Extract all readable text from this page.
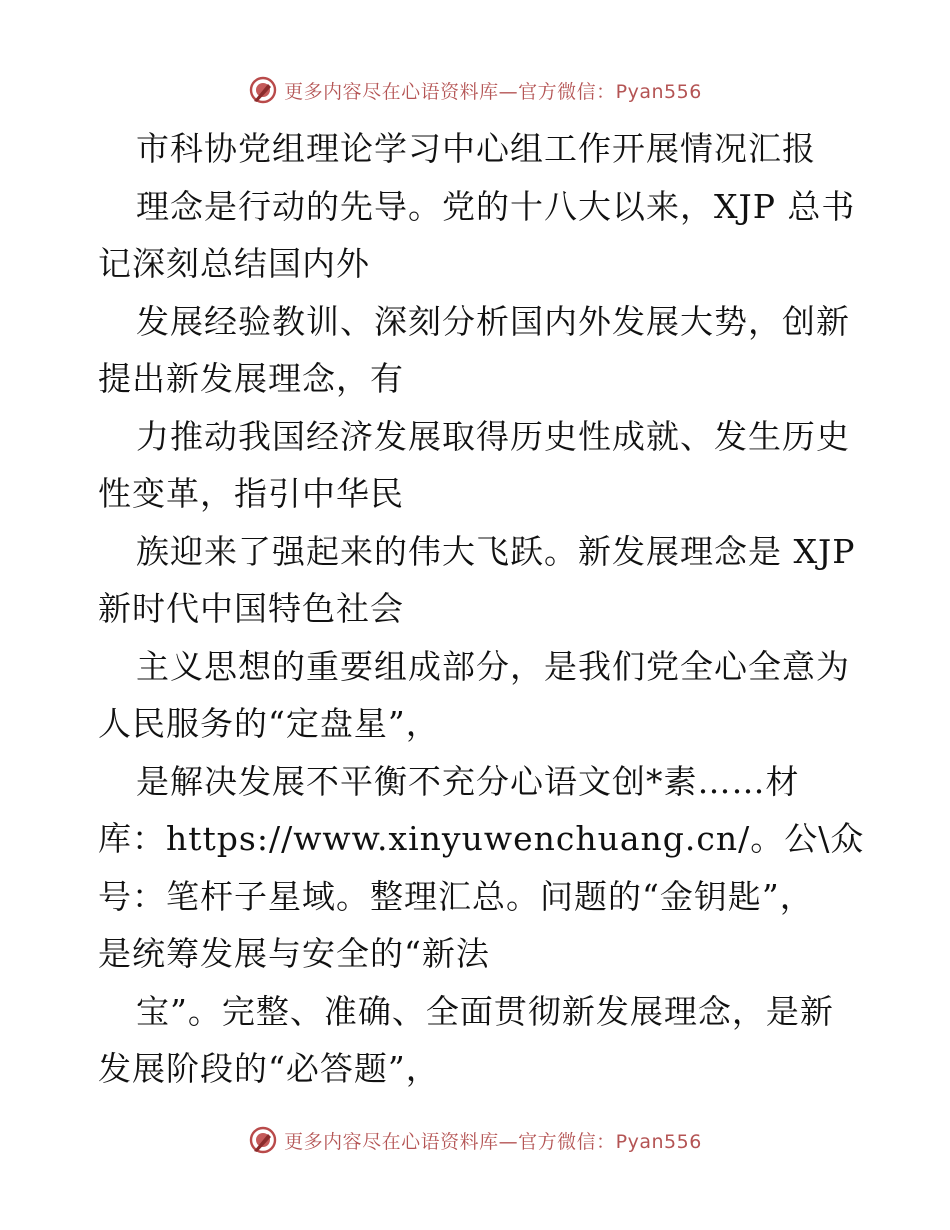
更多内容尽在心语资料库—官方微信：Pyan556

市科协党组理论学习中心组工作开展情况汇报

理念是行动的先导。党的十八大以来，XJP 总书
记深刻总结国内外

发展经验教训、深刻分析国内外发展大势，创新
提出新发展理念，有

力推动我国经济发展取得历史性成就、发生历史
性变革，指引中华民

族迎来了强起来的伟大飞跃。新发展理念是 XJP
新时代中国特色社会

主义思想的重要组成部分，是我们党全心全意为
人民服务的“定盘星”，

是解决发展不平衡不充分心语文创*素……材
库：https://www.xinyuwenchuang.cn/。公\众
号：笔杆子星域。整理汇总。问题的“金钥匙”，
是统筹发展与安全的“新法

宝”。完整、准确、全面贯彻新发展理念，是新
发展阶段的“必答题”，

更多内容尽在心语资料库—官方微信：Pyan556
